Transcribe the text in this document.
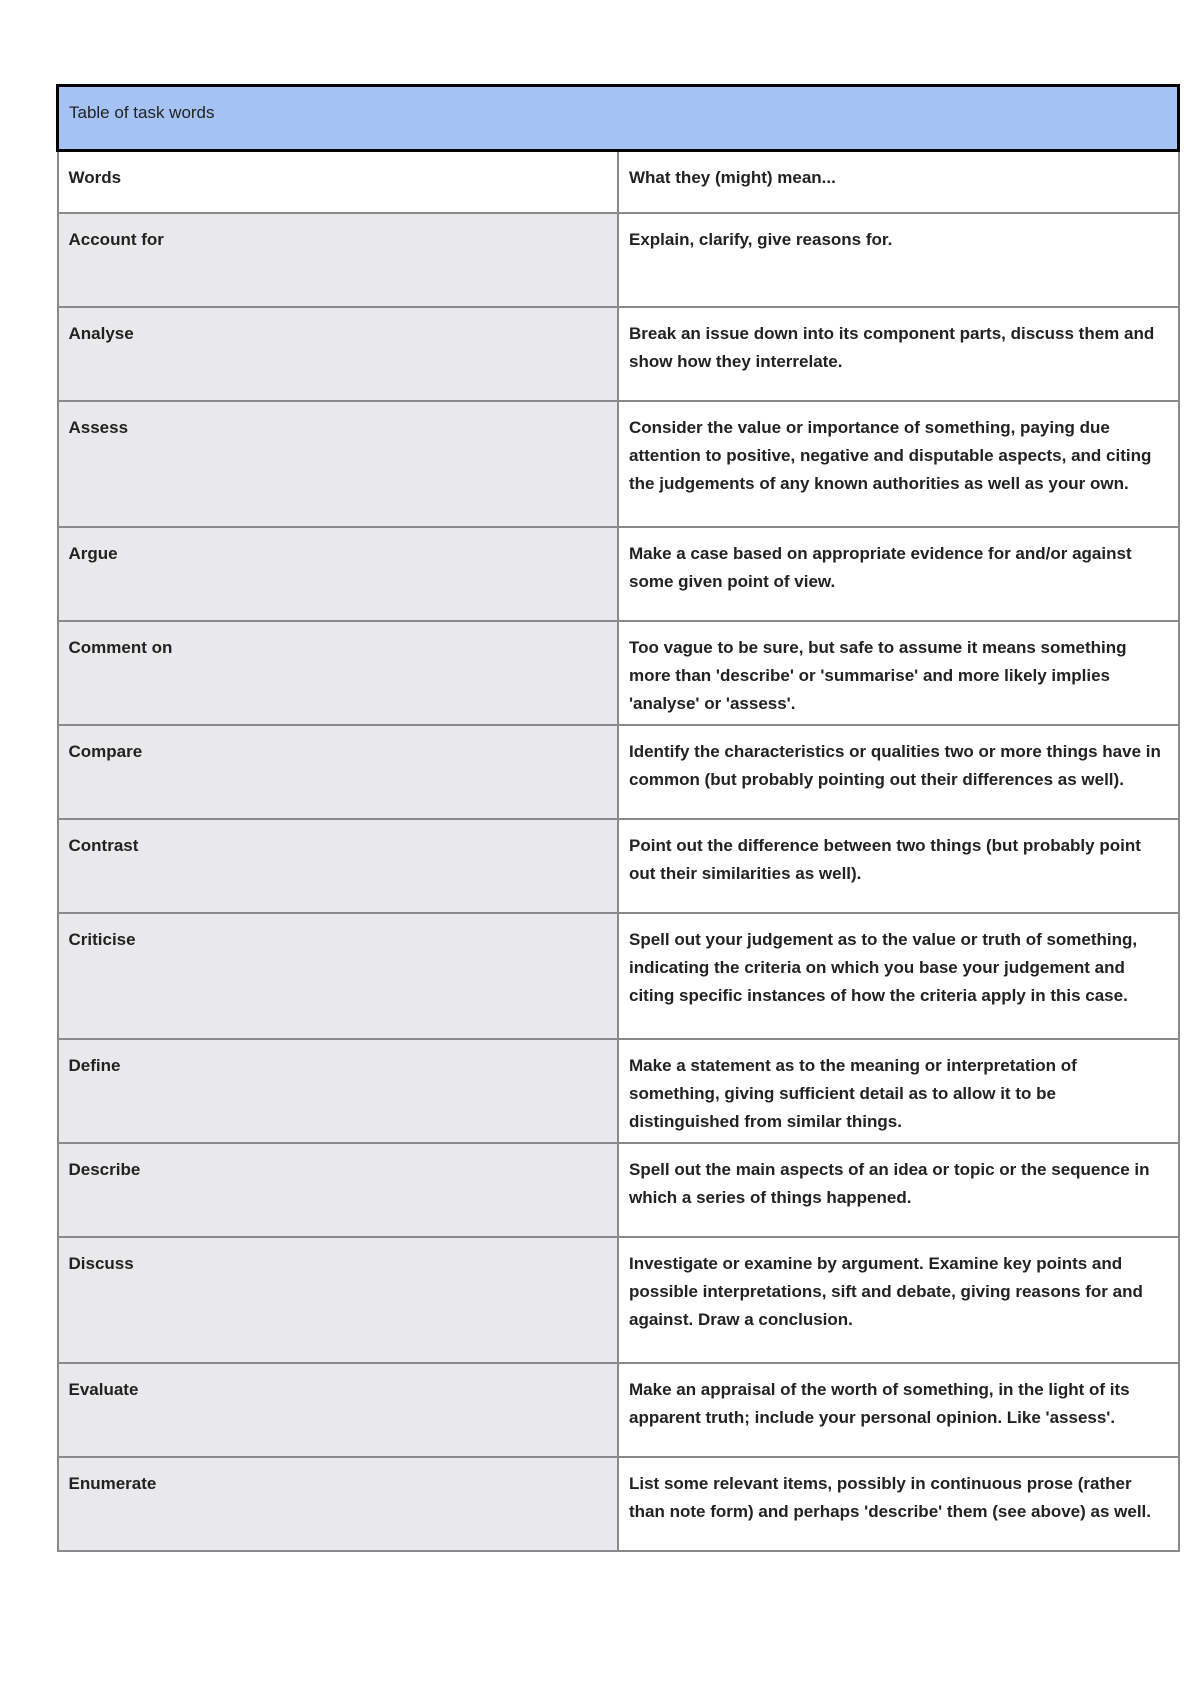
Table of task words	
Words	What they (might) mean...
Account for	Explain, clarify, give reasons for.
Analyse	Break an issue down into its component parts, discuss them and show how they interrelate.
Assess	Consider the value or importance of something, paying due attention to positive, negative and disputable aspects, and citing the judgements of any known authorities as well as your own.
Argue	Make a case based on appropriate evidence for and/or against some given point of view.
Comment on	Too vague to be sure, but safe to assume it means something more than 'describe' or 'summarise' and more likely implies 'analyse' or 'assess'.
Compare	Identify the characteristics or qualities two or more things have in common (but probably pointing out their differences as well).
Contrast	Point out the difference between two things (but probably point out their similarities as well).
Criticise	Spell out your judgement as to the value or truth of something, indicating the criteria on which you base your judgement and citing specific instances of how the criteria apply in this case.
Define	Make a statement as to the meaning or interpretation of something, giving sufficient detail as to allow it to be distinguished from similar things.
Describe	Spell out the main aspects of an idea or topic or the sequence in which a series of things happened.
Discuss	Investigate or examine by argument. Examine key points and possible interpretations, sift and debate, giving reasons for and against. Draw a conclusion.
Evaluate	Make an appraisal of the worth of something, in the light of its apparent truth; include your personal opinion. Like 'assess'.
Enumerate	List some relevant items, possibly in continuous prose (rather than note form) and perhaps 'describe' them (see above) as well.
